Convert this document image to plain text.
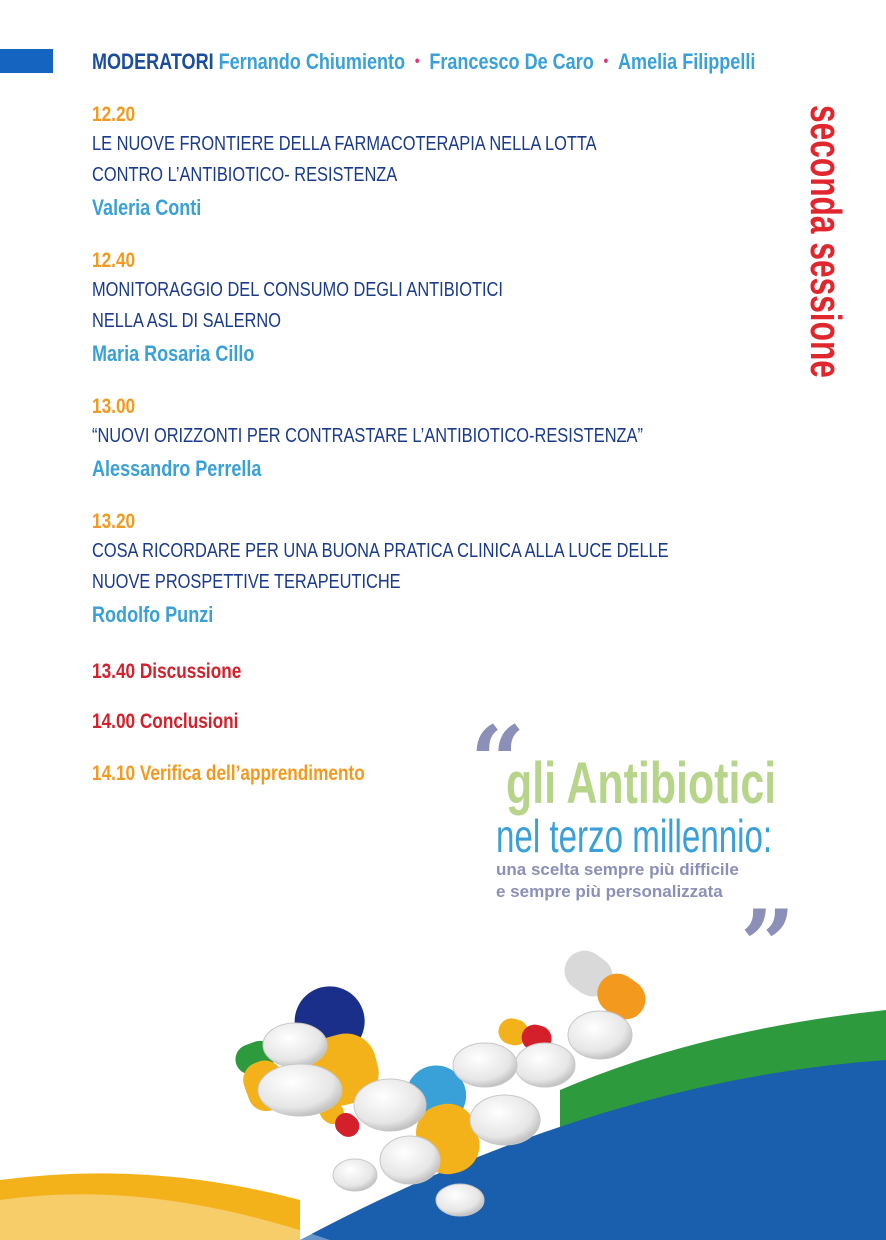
MODERATORI Fernando Chiumiento • Francesco De Caro • Amelia Filippelli
seconda sessione
12.20
LE NUOVE FRONTIERE DELLA FARMACOTERAPIA NELLA LOTTA
CONTRO L’ANTIBIOTICO- RESISTENZA
Valeria Conti
12.40
MONITORAGGIO DEL CONSUMO DEGLI ANTIBIOTICI
NELLA ASL DI SALERNO
Maria Rosaria Cillo
13.00
“NUOVI ORIZZONTI PER CONTRASTARE L’ANTIBIOTICO-RESISTENZA”
Alessandro Perrella
13.20
COSA RICORDARE PER UNA BUONA PRATICA CLINICA ALLA LUCE DELLE
NUOVE PROSPETTIVE TERAPEUTICHE
Rodolfo Punzi
13.40 Discussione
14.00 Conclusioni
14.10 Verifica dell’apprendimento “
gli Antibiotici
nel terzo millennio:
una scelta sempre più difficile
e sempre più personalizzata ”
